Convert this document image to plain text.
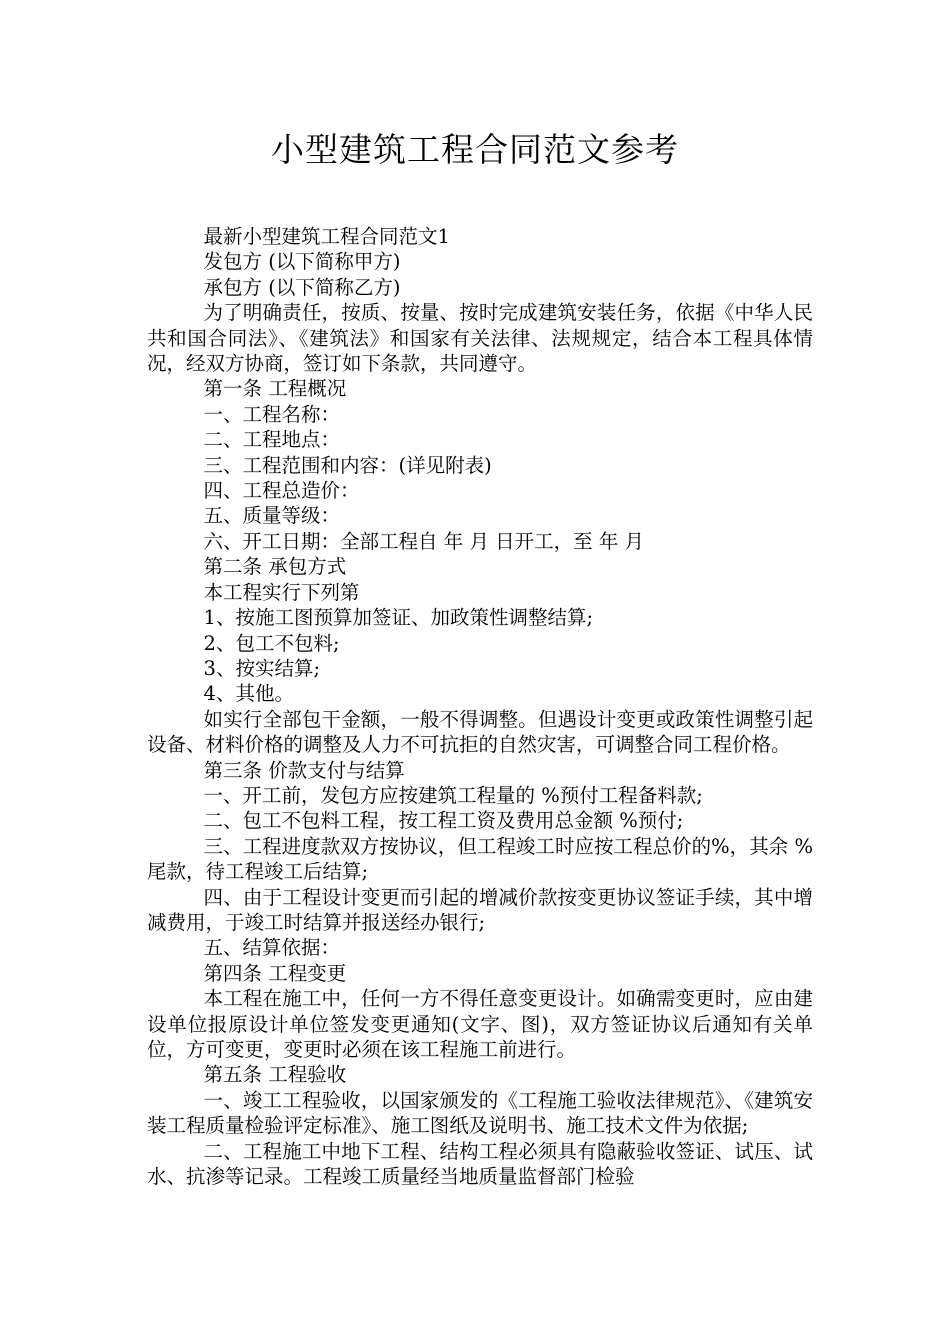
小型建筑工程合同范文参考

最新小型建筑工程合同范文1

发包方 (以下简称甲方)

承包方 (以下简称乙方)

为了明确责任，按质、按量、按时完成建筑安装任务，依据《中华人民共和国合同法》、《建筑法》和国家有关法律、法规规定，结合本工程具体情况，经双方协商，签订如下条款，共同遵守。

第一条 工程概况

一、工程名称：

二、工程地点：

三、工程范围和内容：(详见附表)

四、工程总造价：

五、质量等级：

六、开工日期：全部工程自 年 月 日开工，至 年 月

第二条 承包方式

本工程实行下列第

1、按施工图预算加签证、加政策性调整结算;

2、包工不包料;

3、按实结算;

4、其他。

如实行全部包干金额，一般不得调整。但遇设计变更或政策性调整引起设备、材料价格的调整及人力不可抗拒的自然灾害，可调整合同工程价格。

第三条 价款支付与结算

一、开工前，发包方应按建筑工程量的 %预付工程备料款;

二、包工不包料工程，按工程工资及费用总金额 %预付;

三、工程进度款双方按协议，但工程竣工时应按工程总价的%，其余 %尾款，待工程竣工后结算;

四、由于工程设计变更而引起的增减价款按变更协议签证手续，其中增减费用，于竣工时结算并报送经办银行;

五、结算依据：

第四条 工程变更

本工程在施工中，任何一方不得任意变更设计。如确需变更时，应由建设单位报原设计单位签发变更通知(文字、图)，双方签证协议后通知有关单位，方可变更，变更时必须在该工程施工前进行。

第五条 工程验收

一、竣工工程验收，以国家颁发的《工程施工验收法律规范》、《建筑安装工程质量检验评定标准》、施工图纸及说明书、施工技术文件为依据;

二、工程施工中地下工程、结构工程必须具有隐蔽验收签证、试压、试水、抗渗等记录。工程竣工质量经当地质量监督部门检验
